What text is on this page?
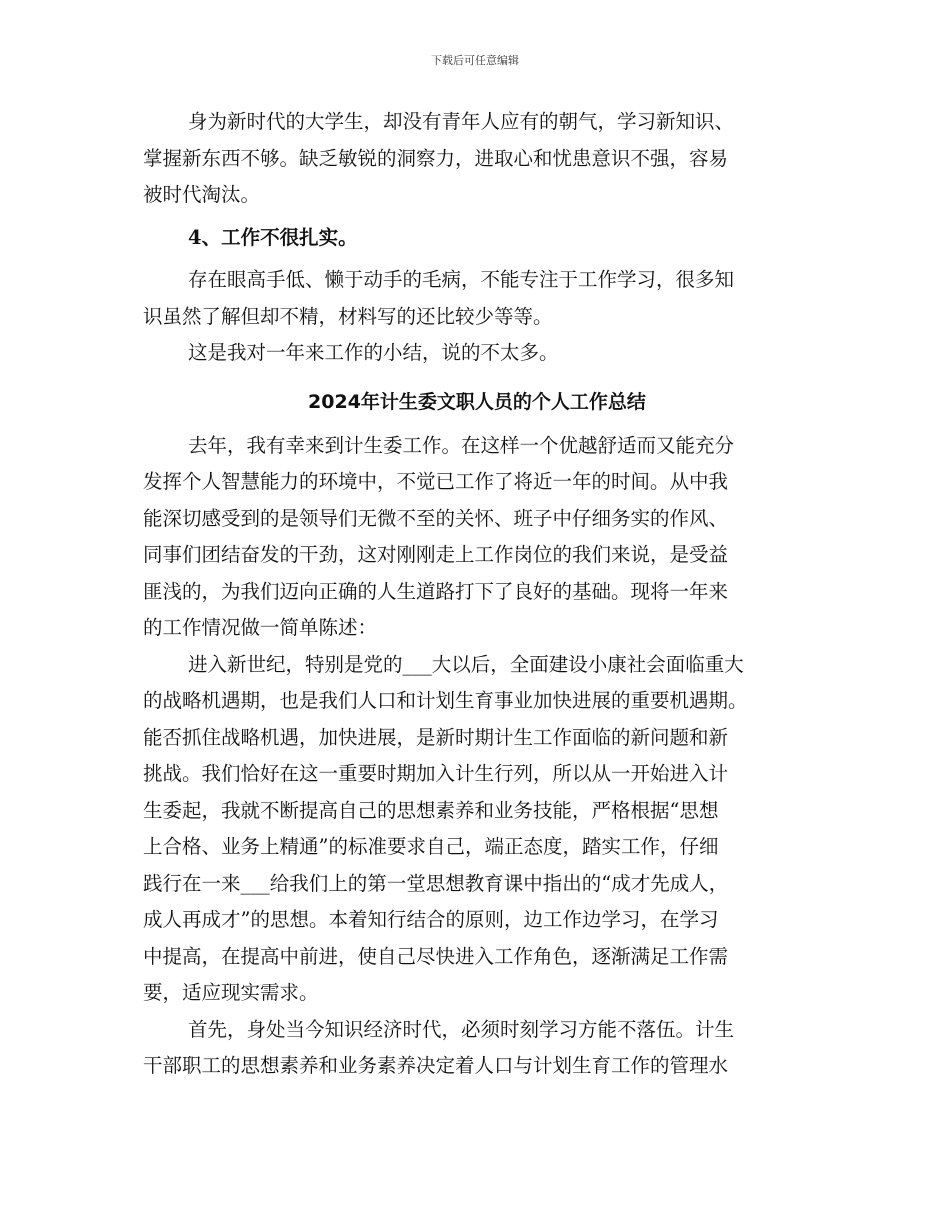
下载后可任意编辑
身为新时代的大学生，却没有青年人应有的朝气，学习新知识、
掌握新东西不够。缺乏敏锐的洞察力，进取心和忧患意识不强，容易
被时代淘汰。
4、工作不很扎实。
存在眼高手低、懒于动手的毛病，不能专注于工作学习，很多知
识虽然了解但却不精，材料写的还比较少等等。
这是我对一年来工作的小结，说的不太多。
2024年计生委文职人员的个人工作总结
去年，我有幸来到计生委工作。在这样一个优越舒适而又能充分
发挥个人智慧能力的环境中，不觉已工作了将近一年的时间。从中我
能深切感受到的是领导们无微不至的关怀、班子中仔细务实的作风、
同事们团结奋发的干劲，这对刚刚走上工作岗位的我们来说，是受益
匪浅的，为我们迈向正确的人生道路打下了良好的基础。现将一年来
的工作情况做一简单陈述：
进入新世纪，特别是党的___大以后，全面建设小康社会面临重大
的战略机遇期，也是我们人口和计划生育事业加快进展的重要机遇期。
能否抓住战略机遇，加快进展，是新时期计生工作面临的新问题和新
挑战。我们恰好在这一重要时期加入计生行列，所以从一开始进入计
生委起，我就不断提高自己的思想素养和业务技能，严格根据“思想
上合格、业务上精通”的标准要求自己，端正态度，踏实工作，仔细
践行在一来___给我们上的第一堂思想教育课中指出的“成才先成人，
成人再成才”的思想。本着知行结合的原则，边工作边学习，在学习
中提高，在提高中前进，使自己尽快进入工作角色，逐渐满足工作需
要，适应现实需求。
首先，身处当今知识经济时代，必须时刻学习方能不落伍。计生
干部职工的思想素养和业务素养决定着人口与计划生育工作的管理水
